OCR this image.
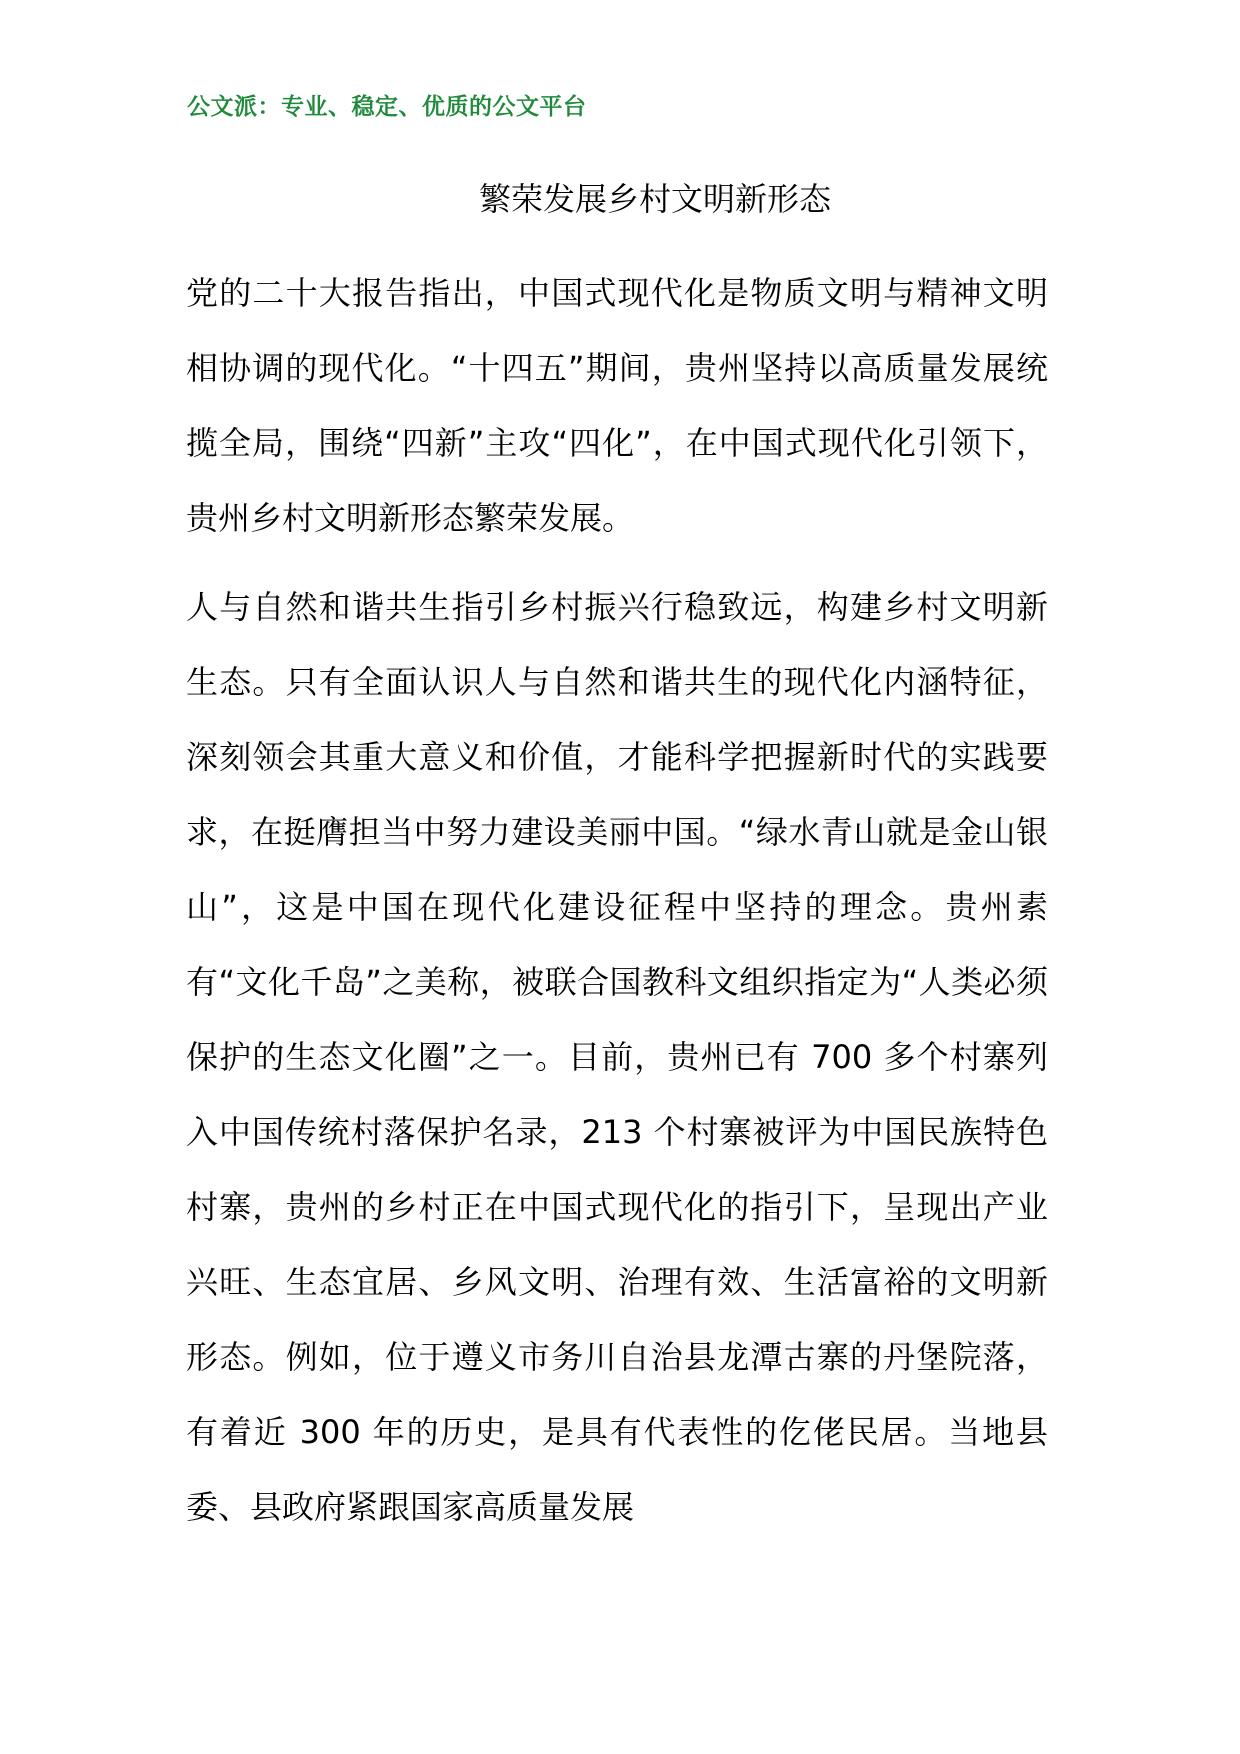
公文派：专业、稳定、优质的公文平台
繁荣发展乡村文明新形态

党的二十大报告指出，中国式现代化是物质文明与精神文明相协调的现代化。“十四五”期间，贵州坚持以高质量发展统揽全局，围绕“四新”主攻“四化”，在中国式现代化引领下，贵州乡村文明新形态繁荣发展。

人与自然和谐共生指引乡村振兴行稳致远，构建乡村文明新生态。只有全面认识人与自然和谐共生的现代化内涵特征，深刻领会其重大意义和价值，才能科学把握新时代的实践要求，在挺膺担当中努力建设美丽中国。“绿水青山就是金山银山”，这是中国在现代化建设征程中坚持的理念。贵州素有“文化千岛”之美称，被联合国教科文组织指定为“人类必须保护的生态文化圈”之一。目前，贵州已有 700 多个村寨列入中国传统村落保护名录，213 个村寨被评为中国民族特色村寨，贵州的乡村正在中国式现代化的指引下，呈现出产业兴旺、生态宜居、乡风文明、治理有效、生活富裕的文明新形态。例如，位于遵义市务川自治县龙潭古寨的丹堡院落，有着近 300 年的历史，是具有代表性的仡佬民居。当地县委、县政府紧跟国家高质量发展
